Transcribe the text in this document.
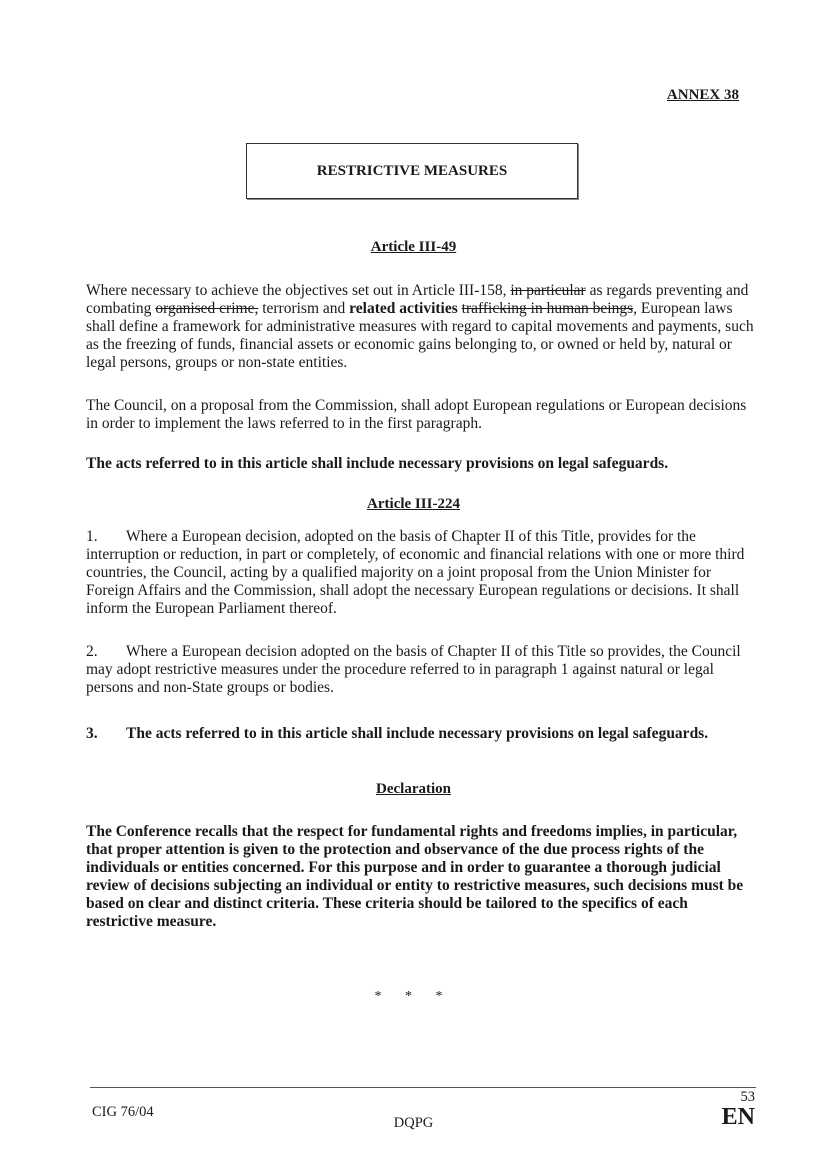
ANNEX 38
RESTRICTIVE MEASURES
Article III-49

Where necessary to achieve the objectives set out in Article III-158, in particular as regards preventing and combating organised crime, terrorism and related activities trafficking in human beings, European laws shall define a framework for administrative measures with regard to capital movements and payments, such as the freezing of funds, financial assets or economic gains belonging to, or owned or held by, natural or legal persons, groups or non-state entities.

The Council, on a proposal from the Commission, shall adopt European regulations or European decisions in order to implement the laws referred to in the first paragraph.

The acts referred to in this article shall include necessary provisions on legal safeguards.

Article III-224

1. Where a European decision, adopted on the basis of Chapter II of this Title, provides for the interruption or reduction, in part or completely, of economic and financial relations with one or more third countries, the Council, acting by a qualified majority on a joint proposal from the Union Minister for Foreign Affairs and the Commission, shall adopt the necessary European regulations or decisions. It shall inform the European Parliament thereof.

2. Where a European decision adopted on the basis of Chapter II of this Title so provides, the Council may adopt restrictive measures under the procedure referred to in paragraph 1 against natural or legal persons and non-State groups or bodies.

3. The acts referred to in this article shall include necessary provisions on legal safeguards.

Declaration

The Conference recalls that the respect for fundamental rights and freedoms implies, in particular, that proper attention is given to the protection and observance of the due process rights of the individuals or entities concerned. For this purpose and in order to guarantee a thorough judicial review of decisions subjecting an individual or entity to restrictive measures, such decisions must be based on clear and distinct criteria. These criteria should be tailored to the specifics of each restrictive measure.

* * *
CIG 76/04
DQPG
53
EN
